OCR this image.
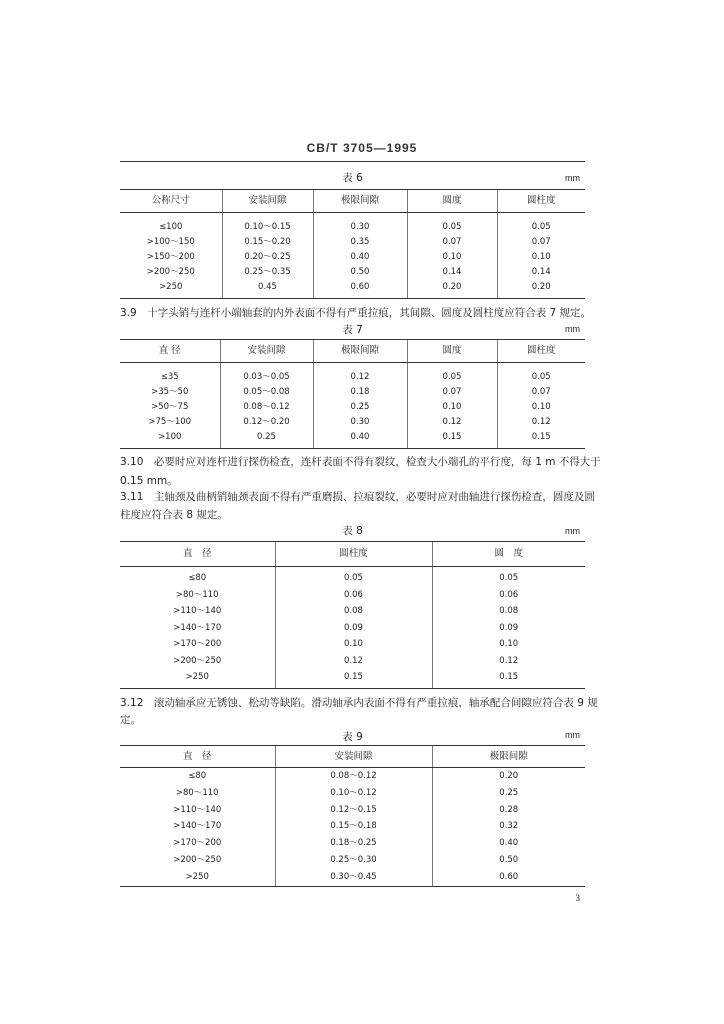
CB/T 3705—1995
表 6	mm
公称尺寸	安装间隙	极限间隙	圆度	圆柱度
≤100	0.10～0.15	0.30	0.05	0.05
>100～150	0.15～0.20	0.35	0.07	0.07
>150～200	0.20～0.25	0.40	0.10	0.10
>200～250	0.25～0.35	0.50	0.14	0.14
>250	0.45	0.60	0.20	0.20
3.9　十字头销与连杆小端轴套的内外表面不得有严重拉痕，其间隙、圆度及圆柱度应符合表 7 规定。
表 7	mm
直 径	安装间隙	极限间隙	圆度	圆柱度
≤35	0.03～0.05	0.12	0.05	0.05
>35～50	0.05～0.08	0.18	0.07	0.07
>50～75	0.08～0.12	0.25	0.10	0.10
>75～100	0.12～0.20	0.30	0.12	0.12
>100	0.25	0.40	0.15	0.15
3.10　必要时应对连杆进行探伤检查，连杆表面不得有裂纹，检查大小端孔的平行度，每 1 m 不得大于
0.15 mm。
3.11　主轴颈及曲柄销轴颈表面不得有严重磨损、拉痕裂纹，必要时应对曲轴进行探伤检查，圆度及圆
柱度应符合表 8 规定。
表 8	mm
直　径	圆柱度	圆　度
≤80	0.05	0.05
>80～110	0.06	0.06
>110～140	0.08	0.08
>140～170	0.09	0.09
>170～200	0.10	0.10
>200～250	0.12	0.12
>250	0.15	0.15
3.12　滚动轴承应无锈蚀、松动等缺陷。滑动轴承内表面不得有严重拉痕，轴承配合间隙应符合表 9 规
定。
表 9	mm
直　径	安装间隙	极限间隙
≤80	0.08～0.12	0.20
>80～110	0.10～0.12	0.25
>110～140	0.12～0.15	0.28
>140～170	0.15～0.18	0.32
>170～200	0.18～0.25	0.40
>200～250	0.25～0.30	0.50
>250	0.30～0.45	0.60
3
